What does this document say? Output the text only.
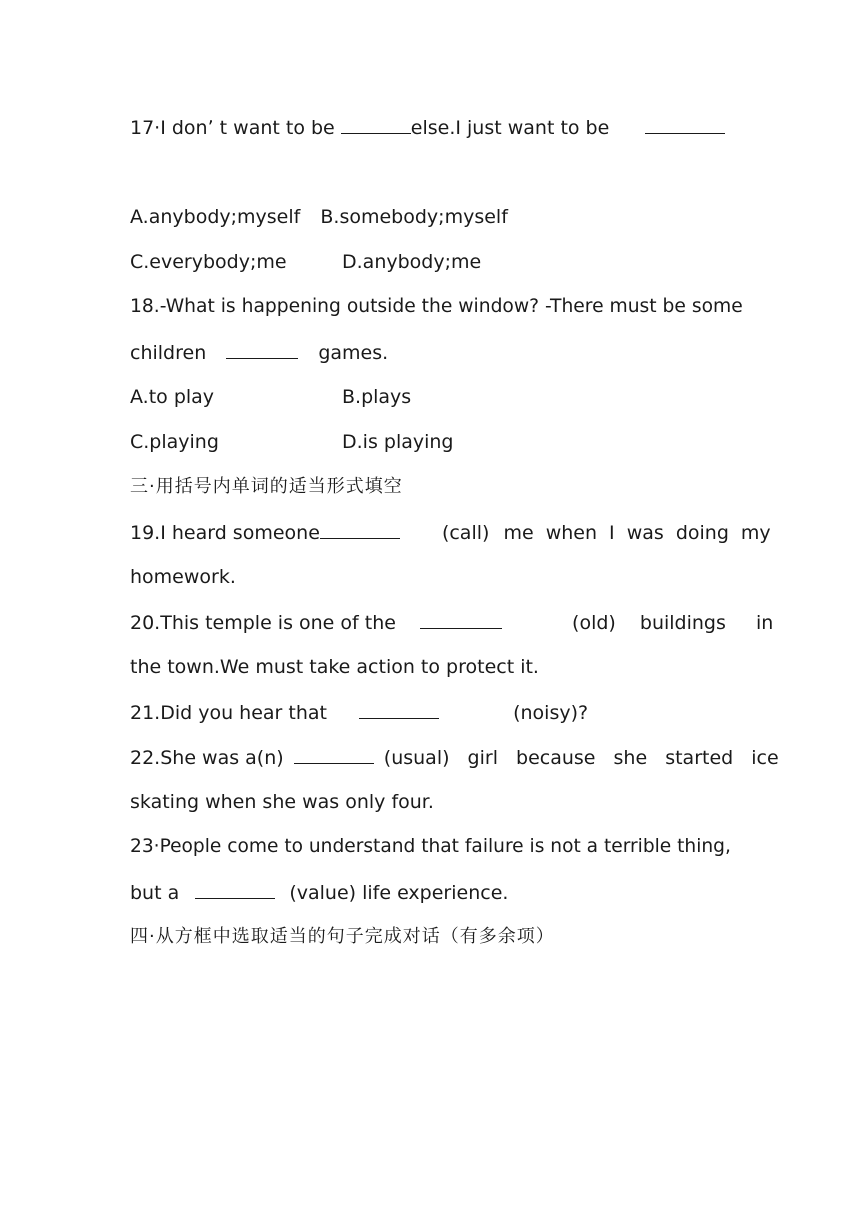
17·I donʼ t want to be	else.I just want to be
A.anybody;myself B.somebody;myself
C.everybody;me	D.anybody;me
18.-What is happening outside the window? -There must be some
children	games.
A.to play	B.plays
C.playing	D.is playing
三·用括号内单词的适当形式填空
19.I heard someone	(call) me when I was doing my
homework.
20.This temple is one of the	(old) buildings in
the town.We must take action to protect it.
21.Did you hear that	(noisy)?
22.She was a(n)	(usual) girl because she started ice
skating when she was only four.
23·People come to understand that failure is not a terrible thing,
but a	(value) life experience.
四·从方框中选取适当的句子完成对话（有多余项）
